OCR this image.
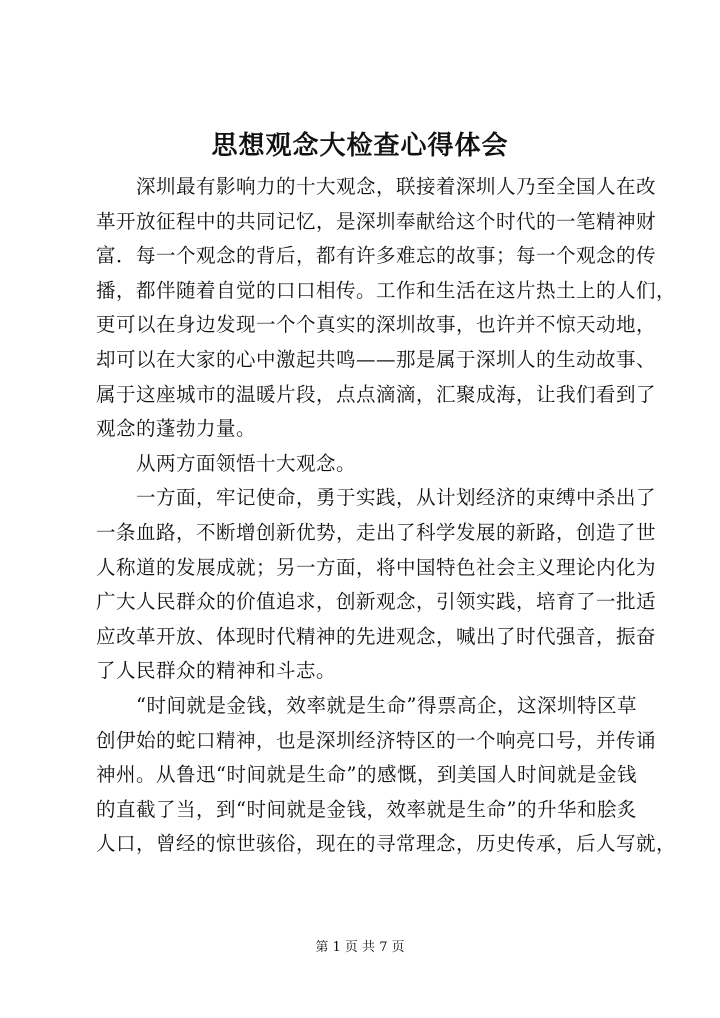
思想观念大检查心得体会

　　深圳最有影响力的十大观念，联接着深圳人乃至全国人在改
革开放征程中的共同记忆，是深圳奉献给这个时代的一笔精神财
富．每一个观念的背后，都有许多难忘的故事；每一个观念的传
播，都伴随着自觉的口口相传。工作和生活在这片热土上的人们，
更可以在身边发现一个个真实的深圳故事，也许并不惊天动地，
却可以在大家的心中激起共鸣——那是属于深圳人的生动故事、
属于这座城市的温暖片段，点点滴滴，汇聚成海，让我们看到了
观念的蓬勃力量。

　　从两方面领悟十大观念。

　　一方面，牢记使命，勇于实践，从计划经济的束缚中杀出了
一条血路，不断增创新优势，走出了科学发展的新路，创造了世
人称道的发展成就；另一方面，将中国特色社会主义理论内化为
广大人民群众的价值追求，创新观念，引领实践，培育了一批适
应改革开放、体现时代精神的先进观念，喊出了时代强音，振奋
了人民群众的精神和斗志。

　　“时间就是金钱，效率就是生命”得票高企，这深圳特区草
创伊始的蛇口精神，也是深圳经济特区的一个响亮口号，并传诵
神州。从鲁迅“时间就是生命”的感慨，到美国人时间就是金钱
的直截了当，到“时间就是金钱，效率就是生命”的升华和脍炙
人口，曾经的惊世骇俗，现在的寻常理念，历史传承，后人写就，

第 1 页 共 7 页
